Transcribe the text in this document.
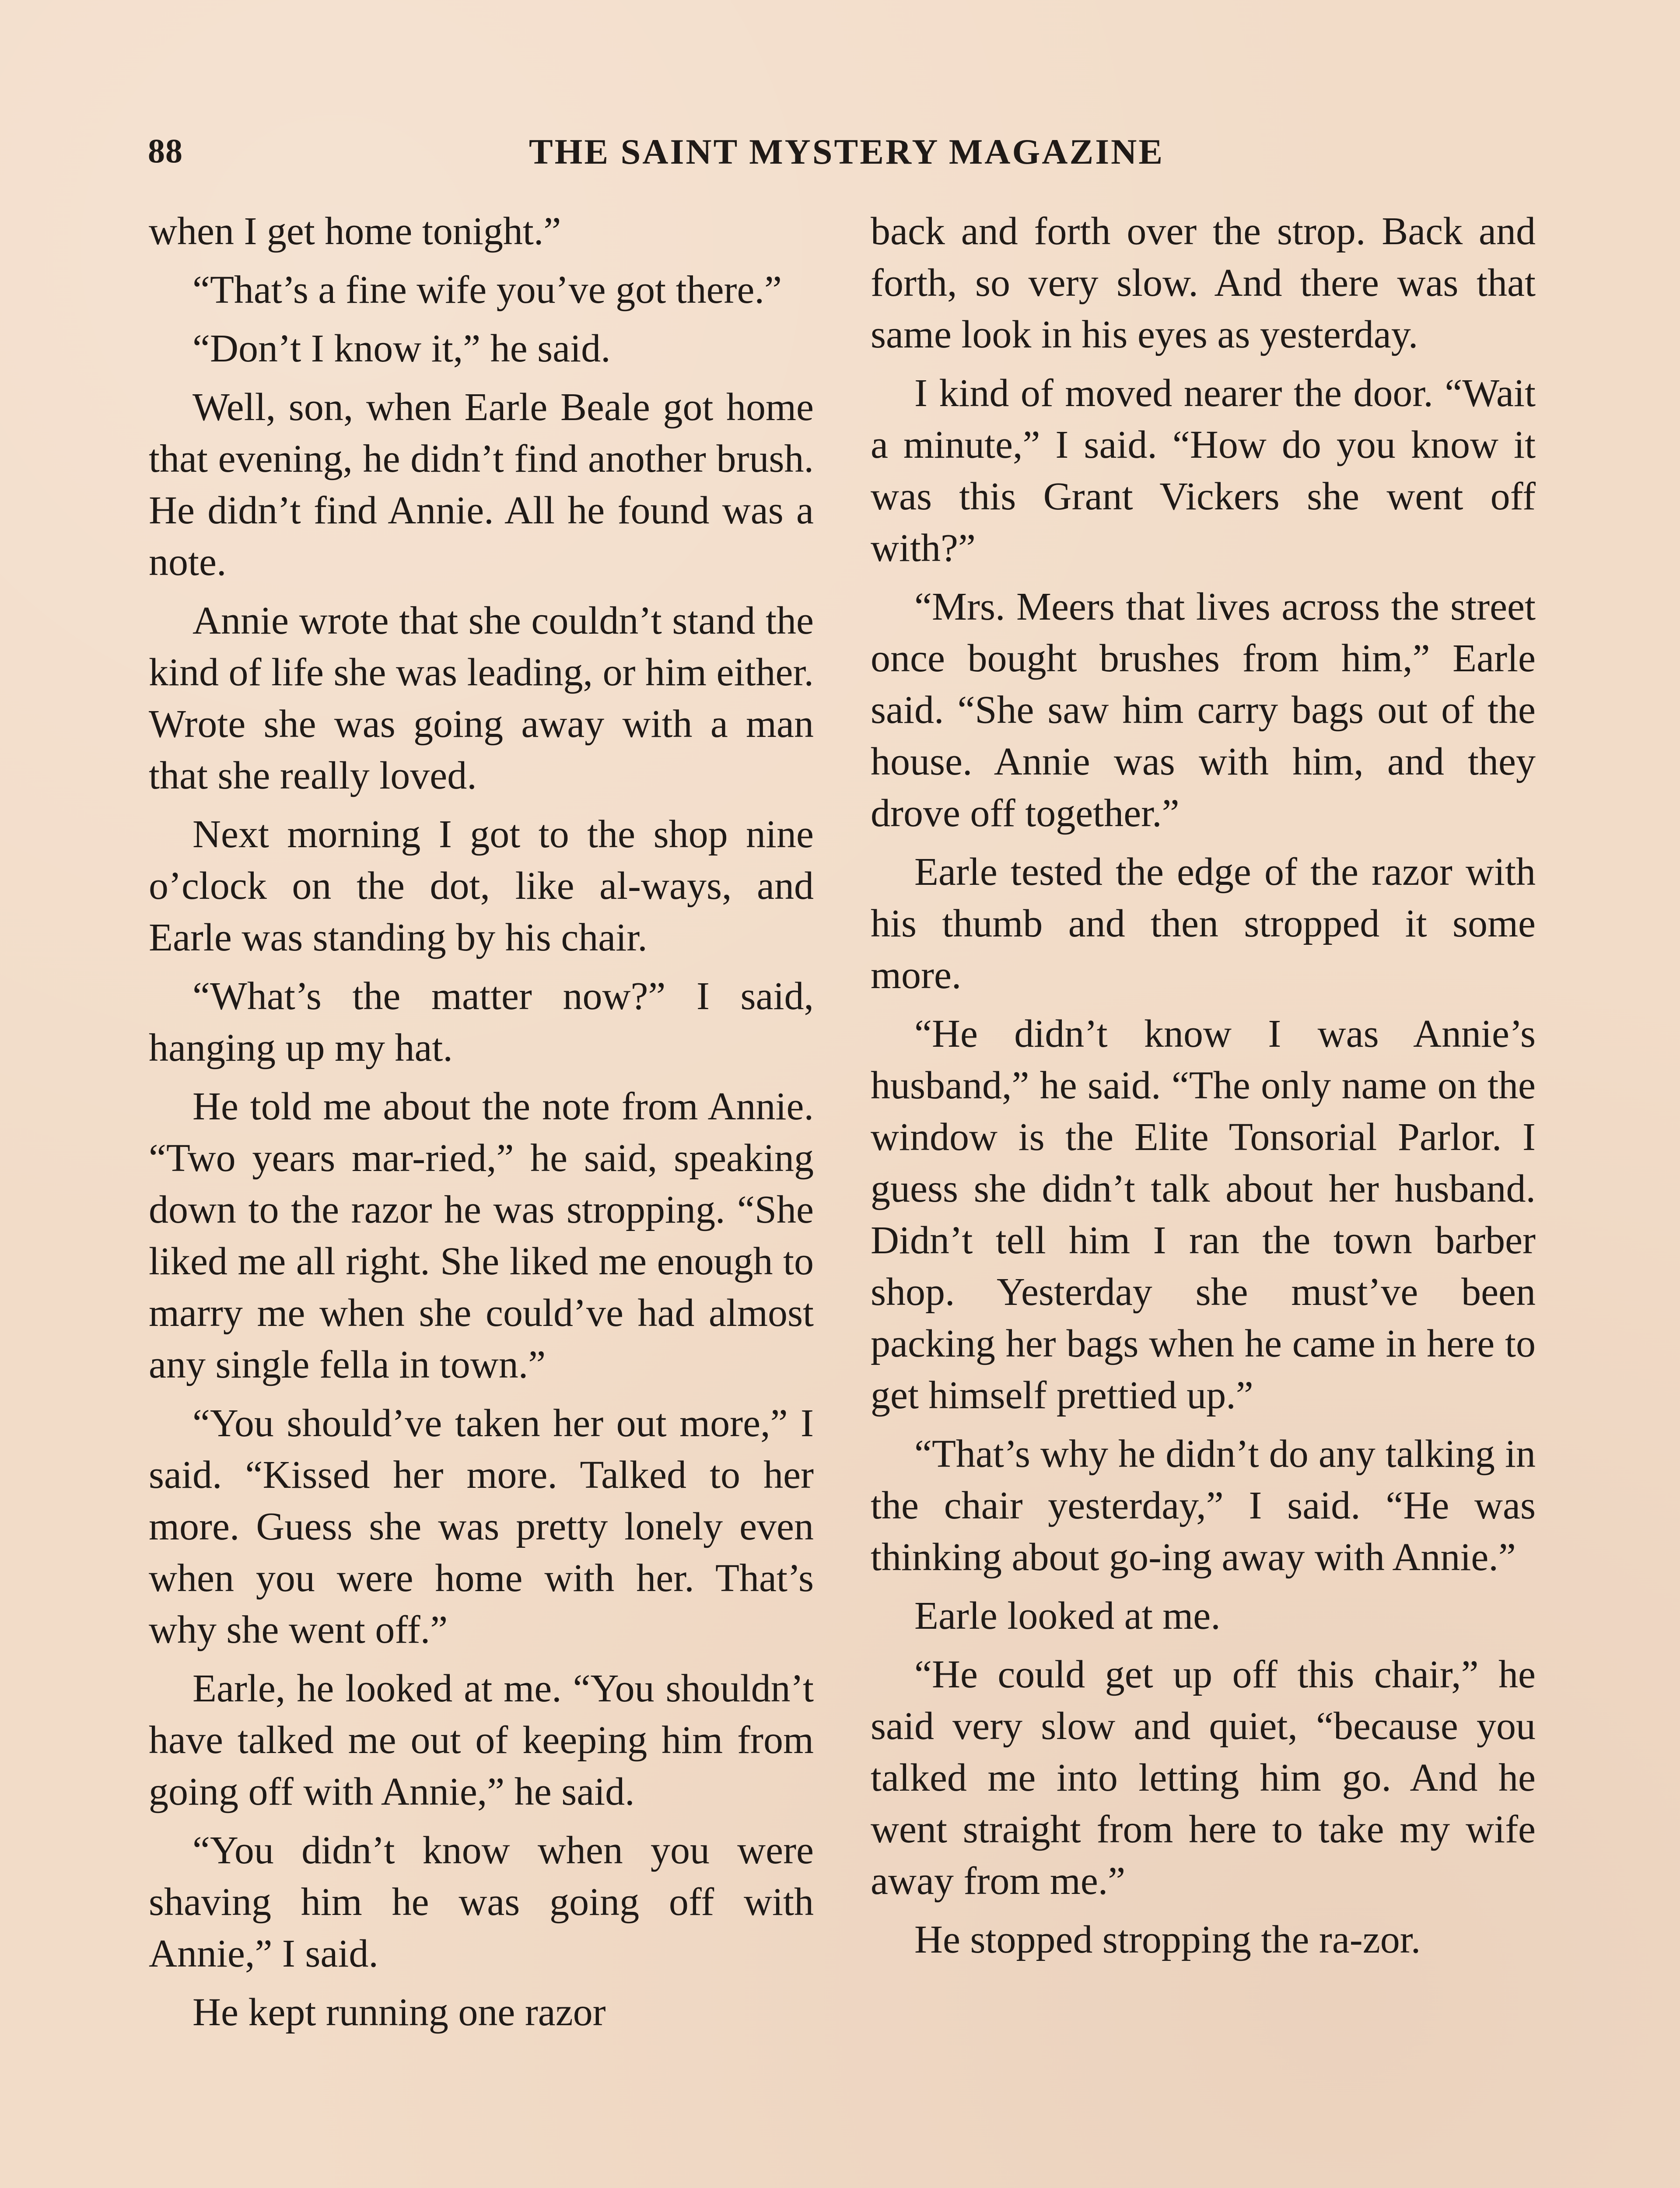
88	THE SAINT MYSTERY MAGAZINE

when I get home tonight.”

“That’s a fine wife you’ve got there.”

“Don’t I know it,” he said.

Well, son, when Earle Beale got home that evening, he didn’t find another brush. He didn’t find Annie. All he found was a note.

Annie wrote that she couldn’t stand the kind of life she was leading, or him either. Wrote she was going away with a man that she really loved.

Next morning I got to the shop nine o’clock on the dot, like al-ways, and Earle was standing by his chair.

“What’s the matter now?” I said, hanging up my hat.

He told me about the note from Annie. “Two years mar-ried,” he said, speaking down to the razor he was stropping. “She liked me all right. She liked me enough to marry me when she could’ve had almost any single fella in town.”

“You should’ve taken her out more,” I said. “Kissed her more. Talked to her more. Guess she was pretty lonely even when you were home with her. That’s why she went off.”

Earle, he looked at me. “You shouldn’t have talked me out of keeping him from going off with Annie,” he said.

“You didn’t know when you were shaving him he was going off with Annie,” I said.

He kept running one razor

back and forth over the strop. Back and forth, so very slow. And there was that same look in his eyes as yesterday.

I kind of moved nearer the door. “Wait a minute,” I said. “How do you know it was this Grant Vickers she went off with?”

“Mrs. Meers that lives across the street once bought brushes from him,” Earle said. “She saw him carry bags out of the house. Annie was with him, and they drove off together.”

Earle tested the edge of the razor with his thumb and then stropped it some more.

“He didn’t know I was Annie’s husband,” he said. “The only name on the window is the Elite Tonsorial Parlor. I guess she didn’t talk about her husband. Didn’t tell him I ran the town barber shop. Yesterday she must’ve been packing her bags when he came in here to get himself prettied up.”

“That’s why he didn’t do any talking in the chair yesterday,” I said. “He was thinking about go-ing away with Annie.”

Earle looked at me.

“He could get up off this chair,” he said very slow and quiet, “because you talked me into letting him go. And he went straight from here to take my wife away from me.”

He stopped stropping the ra-zor.
